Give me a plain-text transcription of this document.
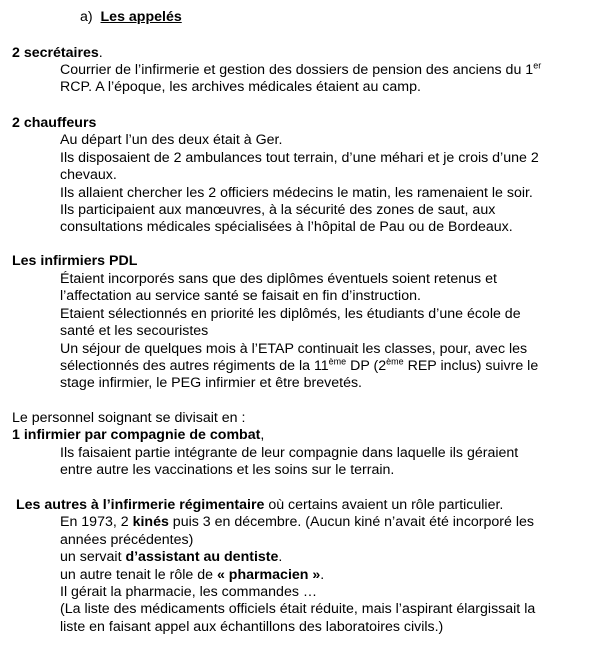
a) Les appelés
2 secrétaires.
Courrier de l’infirmerie et gestion des dossiers de pension des anciens du 1er
RCP. A l’époque, les archives médicales étaient au camp.
2 chauffeurs
Au départ l’un des deux était à Ger.
Ils disposaient de 2 ambulances tout terrain, d’une méhari et je crois d’une 2
chevaux.
Ils allaient chercher les 2 officiers médecins le matin, les ramenaient le soir.
Ils participaient aux manœuvres, à la sécurité des zones de saut, aux
consultations médicales spécialisées à l’hôpital de Pau ou de Bordeaux.
Les infirmiers PDL
Étaient incorporés sans que des diplômes éventuels soient retenus et
l’affectation au service santé se faisait en fin d’instruction.
Etaient sélectionnés en priorité les diplômés, les étudiants d’une école de
santé et les secouristes
Un séjour de quelques mois à l’ETAP continuait les classes, pour, avec les
sélectionnés des autres régiments de la 11ème DP (2ème REP inclus) suivre le
stage infirmier, le PEG infirmier et être brevetés.
Le personnel soignant se divisait en :
1 infirmier par compagnie de combat,
Ils faisaient partie intégrante de leur compagnie dans laquelle ils géraient
entre autre les vaccinations et les soins sur le terrain.
Les autres à l’infirmerie régimentaire où certains avaient un rôle particulier.
En 1973, 2 kinés puis 3 en décembre. (Aucun kiné n’avait été incorporé les
années précédentes)
un servait d’assistant au dentiste.
un autre tenait le rôle de « pharmacien ».
Il gérait la pharmacie, les commandes …
(La liste des médicaments officiels était réduite, mais l’aspirant élargissait la
liste en faisant appel aux échantillons des laboratoires civils.)
